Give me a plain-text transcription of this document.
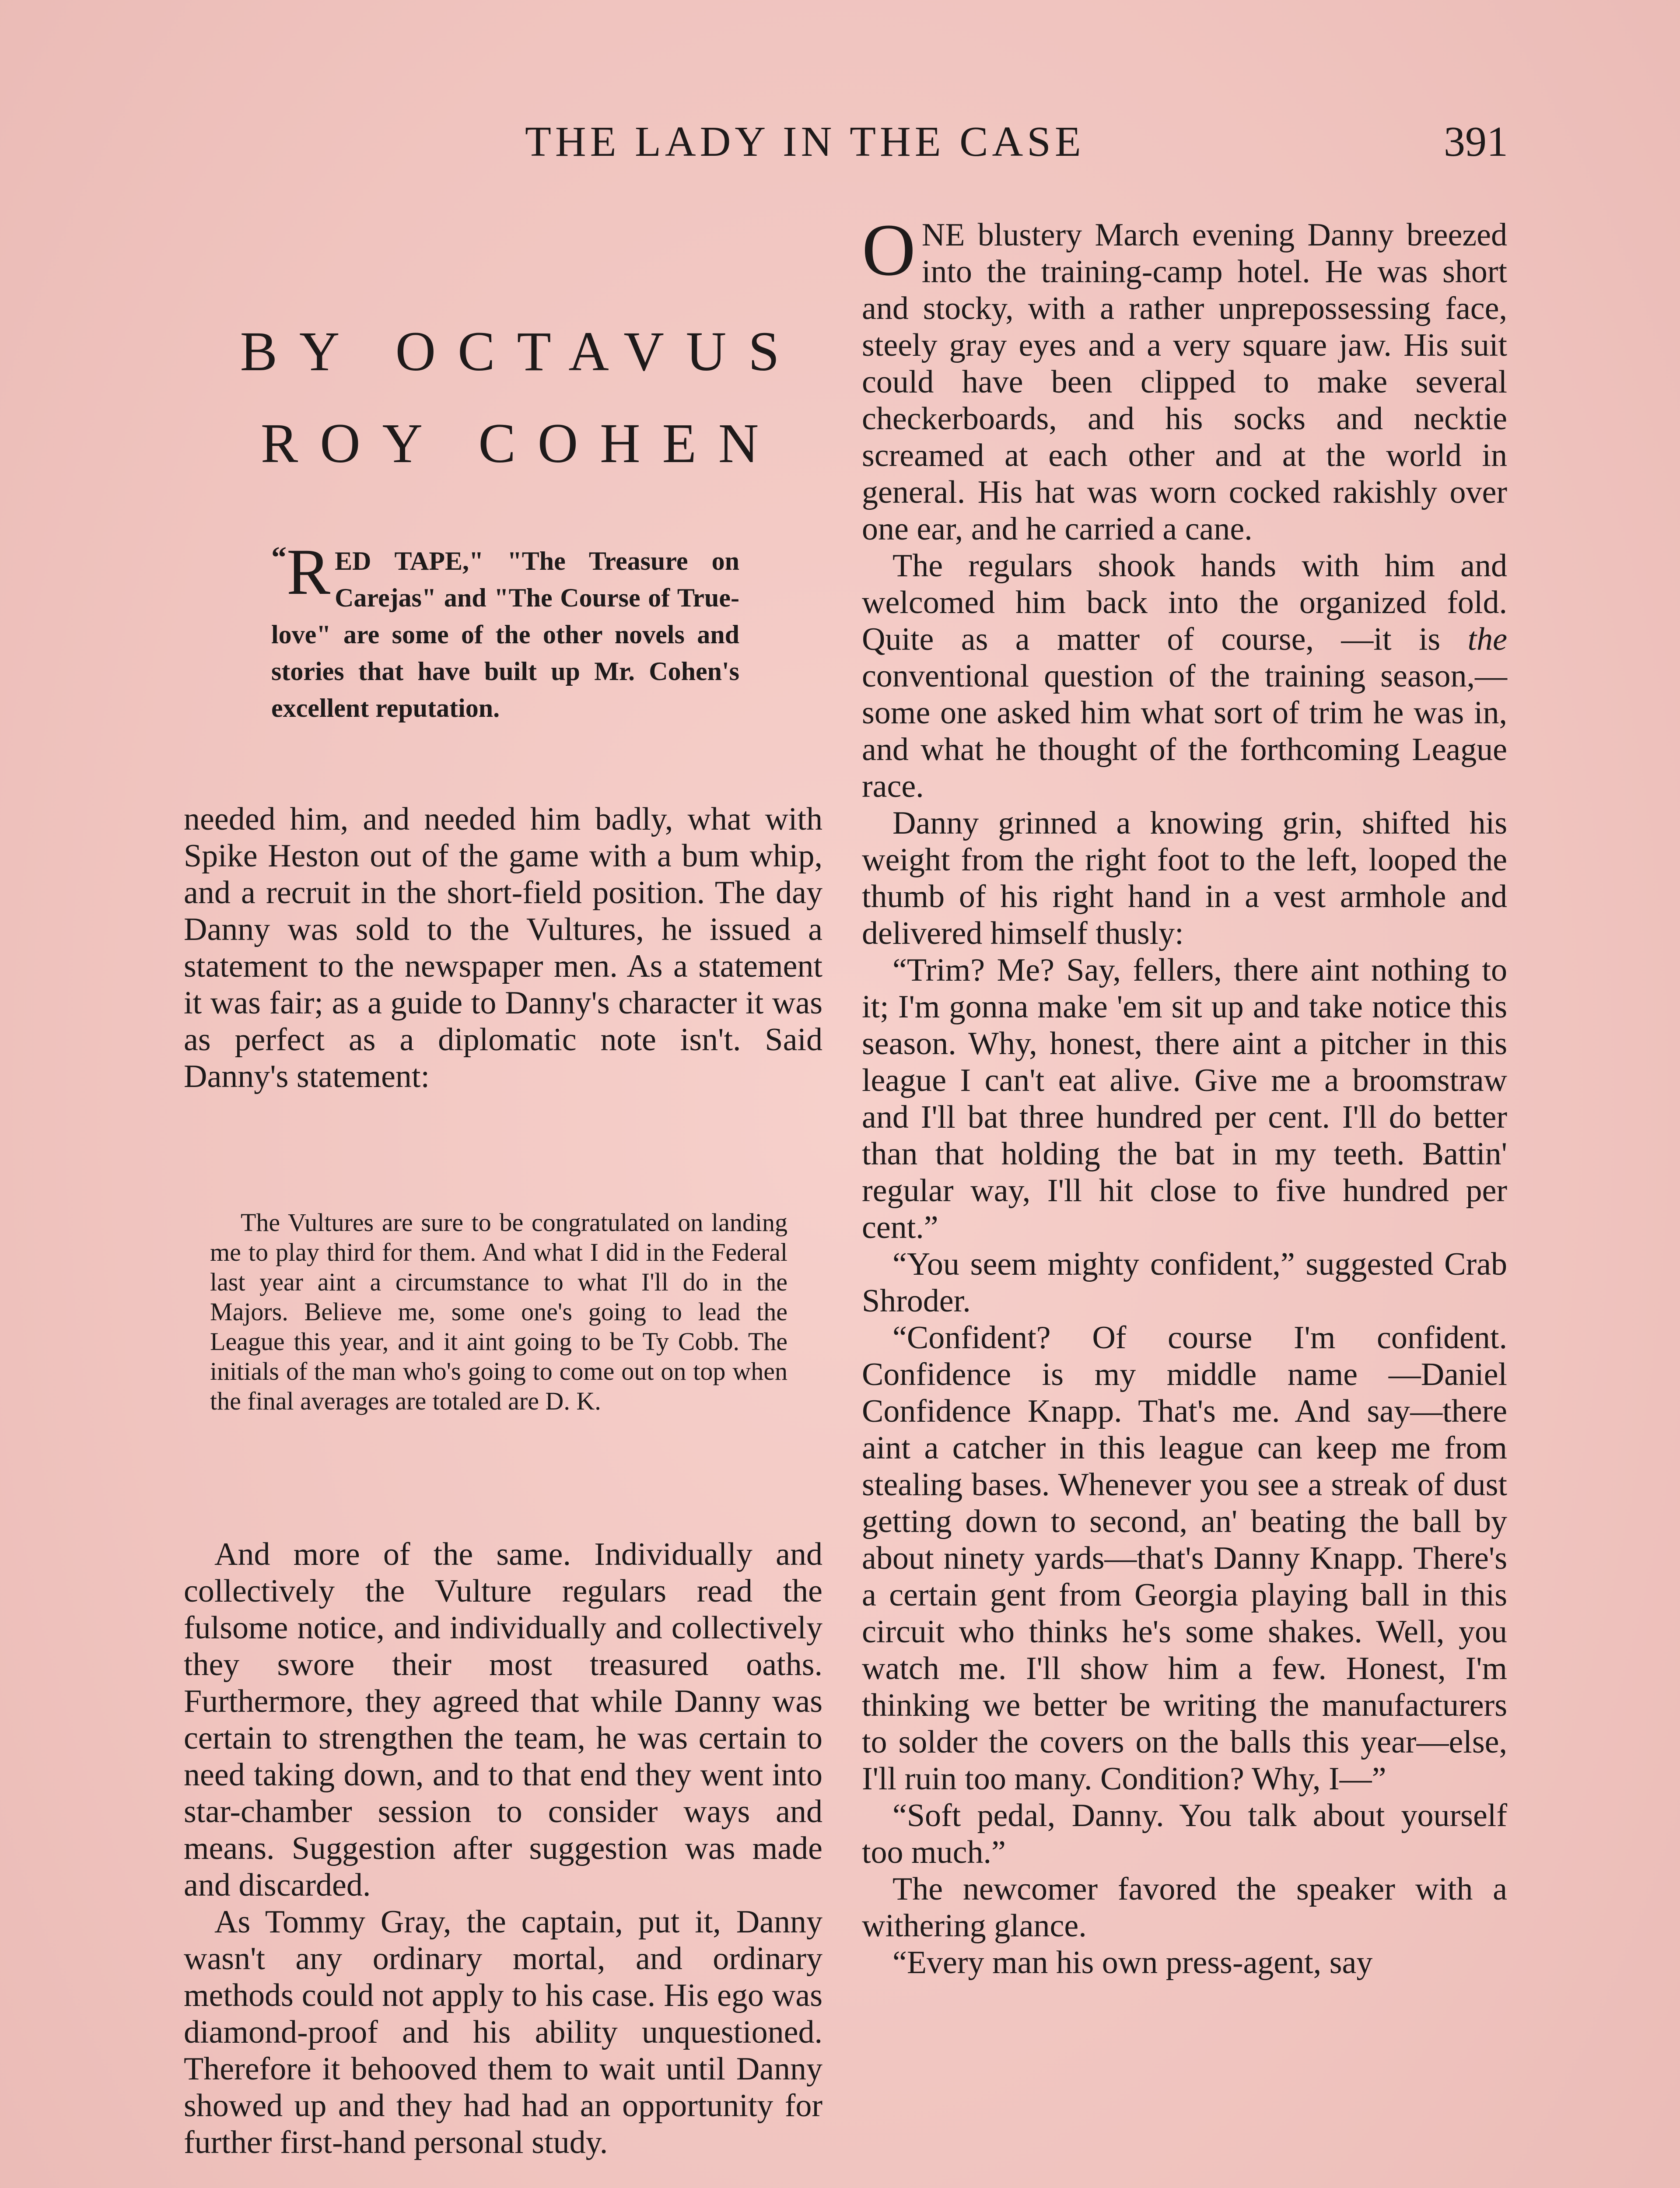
THE LADY IN THE CASE	391
BY OCTAVUS
ROY COHEN
“ R ED TAPE," "The Treasure on Carejas" and "The Course of True-love" are some of the other novels and stories that have built up Mr. Cohen's excellent reputation.

needed him, and needed him badly, what with Spike Heston out of the game with a bum whip, and a recruit in the short-field position. The day Danny was sold to the Vultures, he issued a statement to the newspaper men. As a statement it was fair; as a guide to Danny's character it was as perfect as a diplomatic note isn't. Said Danny's statement:

The Vultures are sure to be congratulated on landing me to play third for them. And what I did in the Federal last year aint a circumstance to what I'll do in the Majors. Believe me, some one's going to lead the League this year, and it aint going to be Ty Cobb. The initials of the man who's going to come out on top when the final averages are totaled are D. K.

And more of the same. Individually and collectively the Vulture regulars read the fulsome notice, and individually and collectively they swore their most treasured oaths. Furthermore, they agreed that while Danny was certain to strengthen the team, he was certain to need taking down, and to that end they went into star-chamber session to consider ways and means. Suggestion after suggestion was made and discarded.

As Tommy Gray, the captain, put it, Danny wasn't any ordinary mortal, and ordinary methods could not apply to his case. His ego was diamond-proof and his ability unquestioned. Therefore it behooved them to wait until Danny showed up and they had had an opportunity for further first-hand personal study.

ONE blustery March evening Danny breezed into the training-camp hotel. He was short and stocky, with a rather unprepossessing face, steely gray eyes and a very square jaw. His suit could have been clipped to make several checkerboards, and his socks and necktie screamed at each other and at the world in general. His hat was worn cocked rakishly over one ear, and he carried a cane.

The regulars shook hands with him and welcomed him back into the organized fold. Quite as a matter of course, —it is the conventional question of the training season,—some one asked him what sort of trim he was in, and what he thought of the forthcoming League race.

Danny grinned a knowing grin, shifted his weight from the right foot to the left, looped the thumb of his right hand in a vest armhole and delivered himself thusly:

“Trim? Me? Say, fellers, there aint nothing to it; I'm gonna make 'em sit up and take notice this season. Why, honest, there aint a pitcher in this league I can't eat alive. Give me a broomstraw and I'll bat three hundred per cent. I'll do better than that holding the bat in my teeth. Battin' regular way, I'll hit close to five hundred per cent.”

“You seem mighty confident,” suggested Crab Shroder.

“Confident? Of course I'm confident. Confidence is my middle name —Daniel Confidence Knapp. That's me. And say—there aint a catcher in this league can keep me from stealing bases. Whenever you see a streak of dust getting down to second, an' beating the ball by about ninety yards—that's Danny Knapp. There's a certain gent from Georgia playing ball in this circuit who thinks he's some shakes. Well, you watch me. I'll show him a few. Honest, I'm thinking we better be writing the manufacturers to solder the covers on the balls this year—else, I'll ruin too many. Condition? Why, I—”

“Soft pedal, Danny. You talk about yourself too much.”

The newcomer favored the speaker with a withering glance.

“Every man his own press-agent, say
